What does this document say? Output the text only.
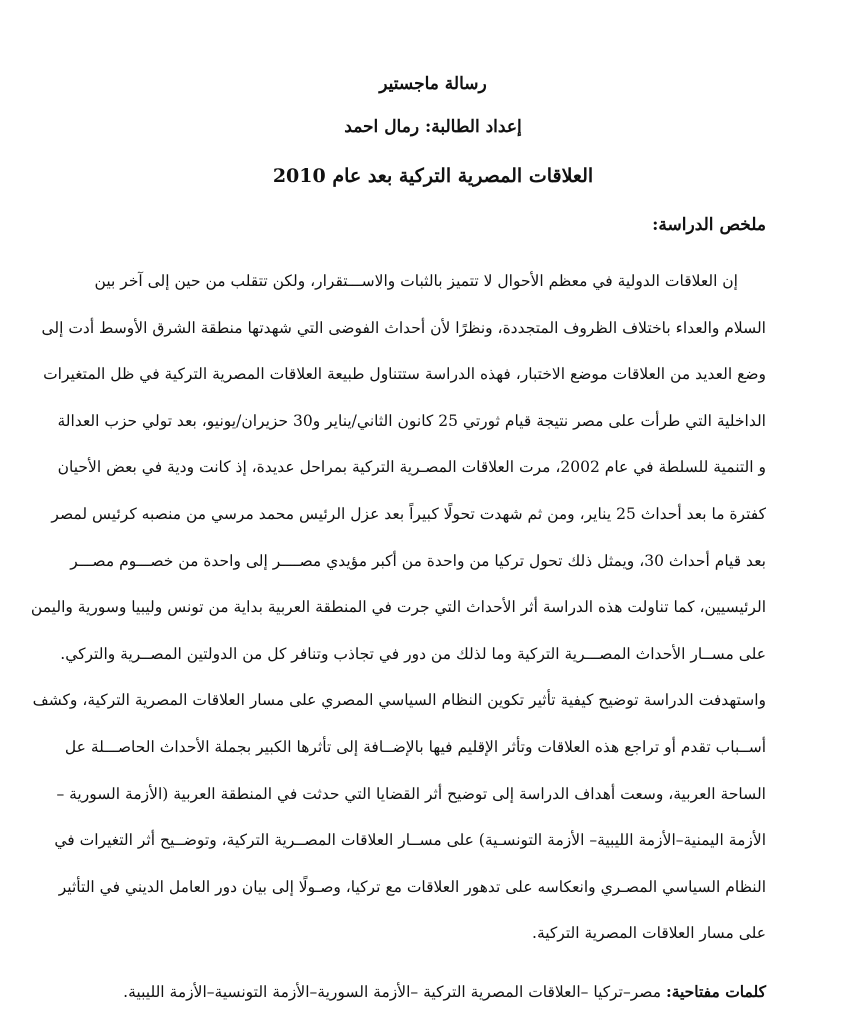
رسالة ماجستير
إعداد الطالبة: رمال احمد
العلاقات المصرية التركية بعد عام 2010
ملخص الدراسة:
إن العلاقات الدولية في معظم الأحوال لا تتميز بالثبات والاســـتقرار، ولكن تتقلب من حين إلى آخر بين
السلام والعداء باختلاف الظروف المتجددة، ونظرًا لأن أحداث الفوضى التي شهدتها منطقة الشرق الأوسط أدت إلى
وضع العديد من العلاقات موضع الاختبار، فهذه الدراسة ستتناول طبيعة العلاقات المصرية التركية في ظل المتغيرات
الداخلية التي طرأت على مصر نتيجة قيام ثورتي 25 كانون الثاني/يناير و30 حزيران/يونيو، بعد تولي حزب العدالة
و التنمية للسلطة في عام 2002، مرت العلاقات المصـرية التركية بمراحل عديدة، إذ كانت ودية في بعض الأحيان
كفترة ما بعد أحداث 25 يناير، ومن ثم شهدت تحولًا كبيراً بعد عزل الرئيس محمد مرسي من منصبه كرئيس لمصر
بعد قيام أحداث 30، ويمثل ذلك تحول تركيا من واحدة من أكبر مؤيدي مصــــر إلى واحدة من خصـــوم مصـــر
الرئيسيين، كما تناولت هذه الدراسة أثر الأحداث التي جرت في المنطقة العربية بداية من تونس وليبيا وسورية واليمن
على مســار الأحداث المصـــرية التركية وما لذلك من دور في تجاذب وتنافر كل من الدولتين المصــرية والتركي.
واستهدفت الدراسة توضيح كيفية تأثير تكوين النظام السياسي المصري على مسار العلاقات المصرية التركية، وكشف
أســباب تقدم أو تراجع هذه العلاقات وتأثر الإقليم فيها بالإضــافة إلى تأثرها الكبير بجملة الأحداث الحاصـــلة عل
الساحة العربية، وسعت أهداف الدراسة إلى توضيح أثر القضايا التي حدثت في المنطقة العربية (الأزمة السورية –
الأزمة اليمنية–الأزمة الليبية– الأزمة التونسـية) على مســار العلاقات المصــرية التركية، وتوضــيح أثر التغيرات في
النظام السياسي المصـري وانعكاسه على تدهور العلاقات مع تركيا، وصـولًا إلى بيان دور العامل الديني في التأثير
على مسار العلاقات المصرية التركية.
كلمات مفتاحية: مصر–تركيا –العلاقات المصرية التركية –الأزمة السورية–الأزمة التونسية–الأزمة الليبية.
